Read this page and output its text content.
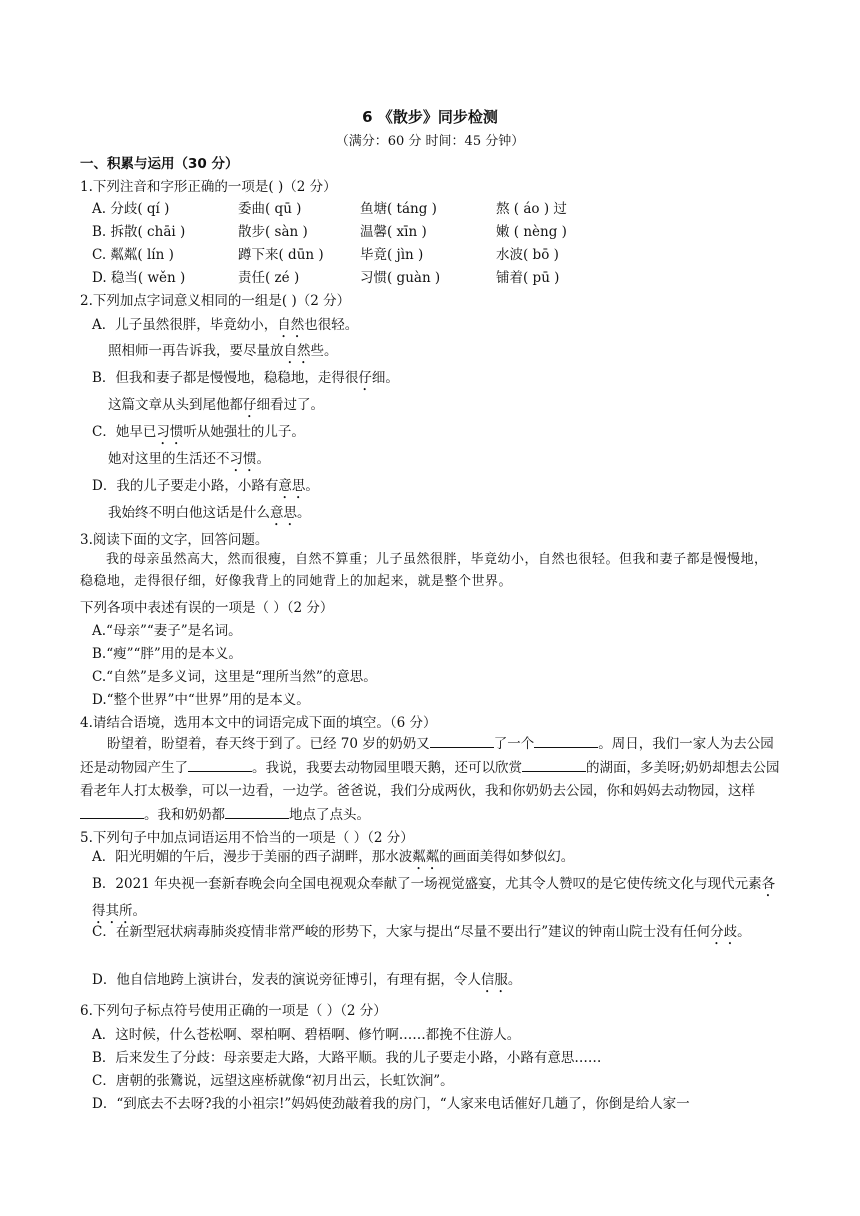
6 《散步》同步检测
（满分：60 分 时间：45 分钟）
一、积累与运用（30 分）
1.下列注音和字形正确的一项是( )（2 分）
A. 分歧( qí )	委曲( qū )	鱼塘( táng )	熬 ( áo ) 过
B. 拆散( chāi )	散步( sàn )	温馨( xīn )	嫩 ( nèng )
C. 粼粼( lín )	蹲下来( dūn )	毕竟( jìn )	水波( bō )
D. 稳当( wěn )	责任( zé )	习惯( guàn )	铺着( pū )
2.下列加点字词意义相同的一组是( )（2 分）
A．儿子虽然很胖，毕竟幼小，自然也很轻。
照相师一再告诉我，要尽量放自然些。
B．但我和妻子都是慢慢地，稳稳地，走得很仔细。
这篇文章从头到尾他都仔细看过了。
C．她早已习惯听从她强壮的儿子。
她对这里的生活还不习惯。
D．我的儿子要走小路，小路有意思。
我始终不明白他这话是什么意思。
3.阅读下面的文字，回答问题。

我的母亲虽然高大，然而很瘦，自然不算重；儿子虽然很胖，毕竟幼小，自然也很轻。但我和妻子都是慢慢地，稳稳地，走得很仔细，好像我背上的同她背上的加起来，就是整个世界。

下列各项中表述有误的一项是（ ）（2 分）
A.“母亲”“妻子”是名词。
B.“瘦”“胖”用的是本义。
C.“自然”是多义词，这里是“理所当然”的意思。
D.“整个世界”中“世界”用的是本义。
4.请结合语境，选用本文中的词语完成下面的填空。（6 分）

盼望着，盼望着，春天终于到了。已经 70 岁的奶奶又	了一个	。周日，我们一家人为去公园还是动物园产生了	。我说，我要去动物园里喂天鹅，还可以欣赏	的湖面，多美呀;奶奶却想去公园看老年人打太极拳，可以一边看，一边学。爸爸说，我们分成两伙，我和你奶奶去公园，你和妈妈去动物园，这样。我和奶奶都	地点了点头。

5.下列句子中加点词语运用不恰当的一项是（ ）（2 分）
A．阳光明媚的午后，漫步于美丽的西子湖畔，那水波粼粼的画面美得如梦似幻。
B．2021 年央视一套新春晚会向全国电视观众奉献了一场视觉盛宴，尤其令人赞叹的是它使传统文化与现代元素各得其所。
C．在新型冠状病毒肺炎疫情非常严峻的形势下，大家与提出“尽量不要出行”建议的钟南山院士没有任何分歧。
D．他自信地跨上演讲台，发表的演说旁征博引，有理有据，令人信服。
6.下列句子标点符号使用正确的一项是（ ）（2 分）
A．这时候，什么苍松啊、翠柏啊、碧梧啊、修竹啊……都挽不住游人。
B．后来发生了分歧：母亲要走大路，大路平顺。我的儿子要走小路，小路有意思……
C．唐朝的张鷟说，远望这座桥就像“初月出云，长虹饮涧”。
D．“到底去不去呀?我的小祖宗!”妈妈使劲敲着我的房门，“人家来电话催好几趟了，你倒是给人家一
